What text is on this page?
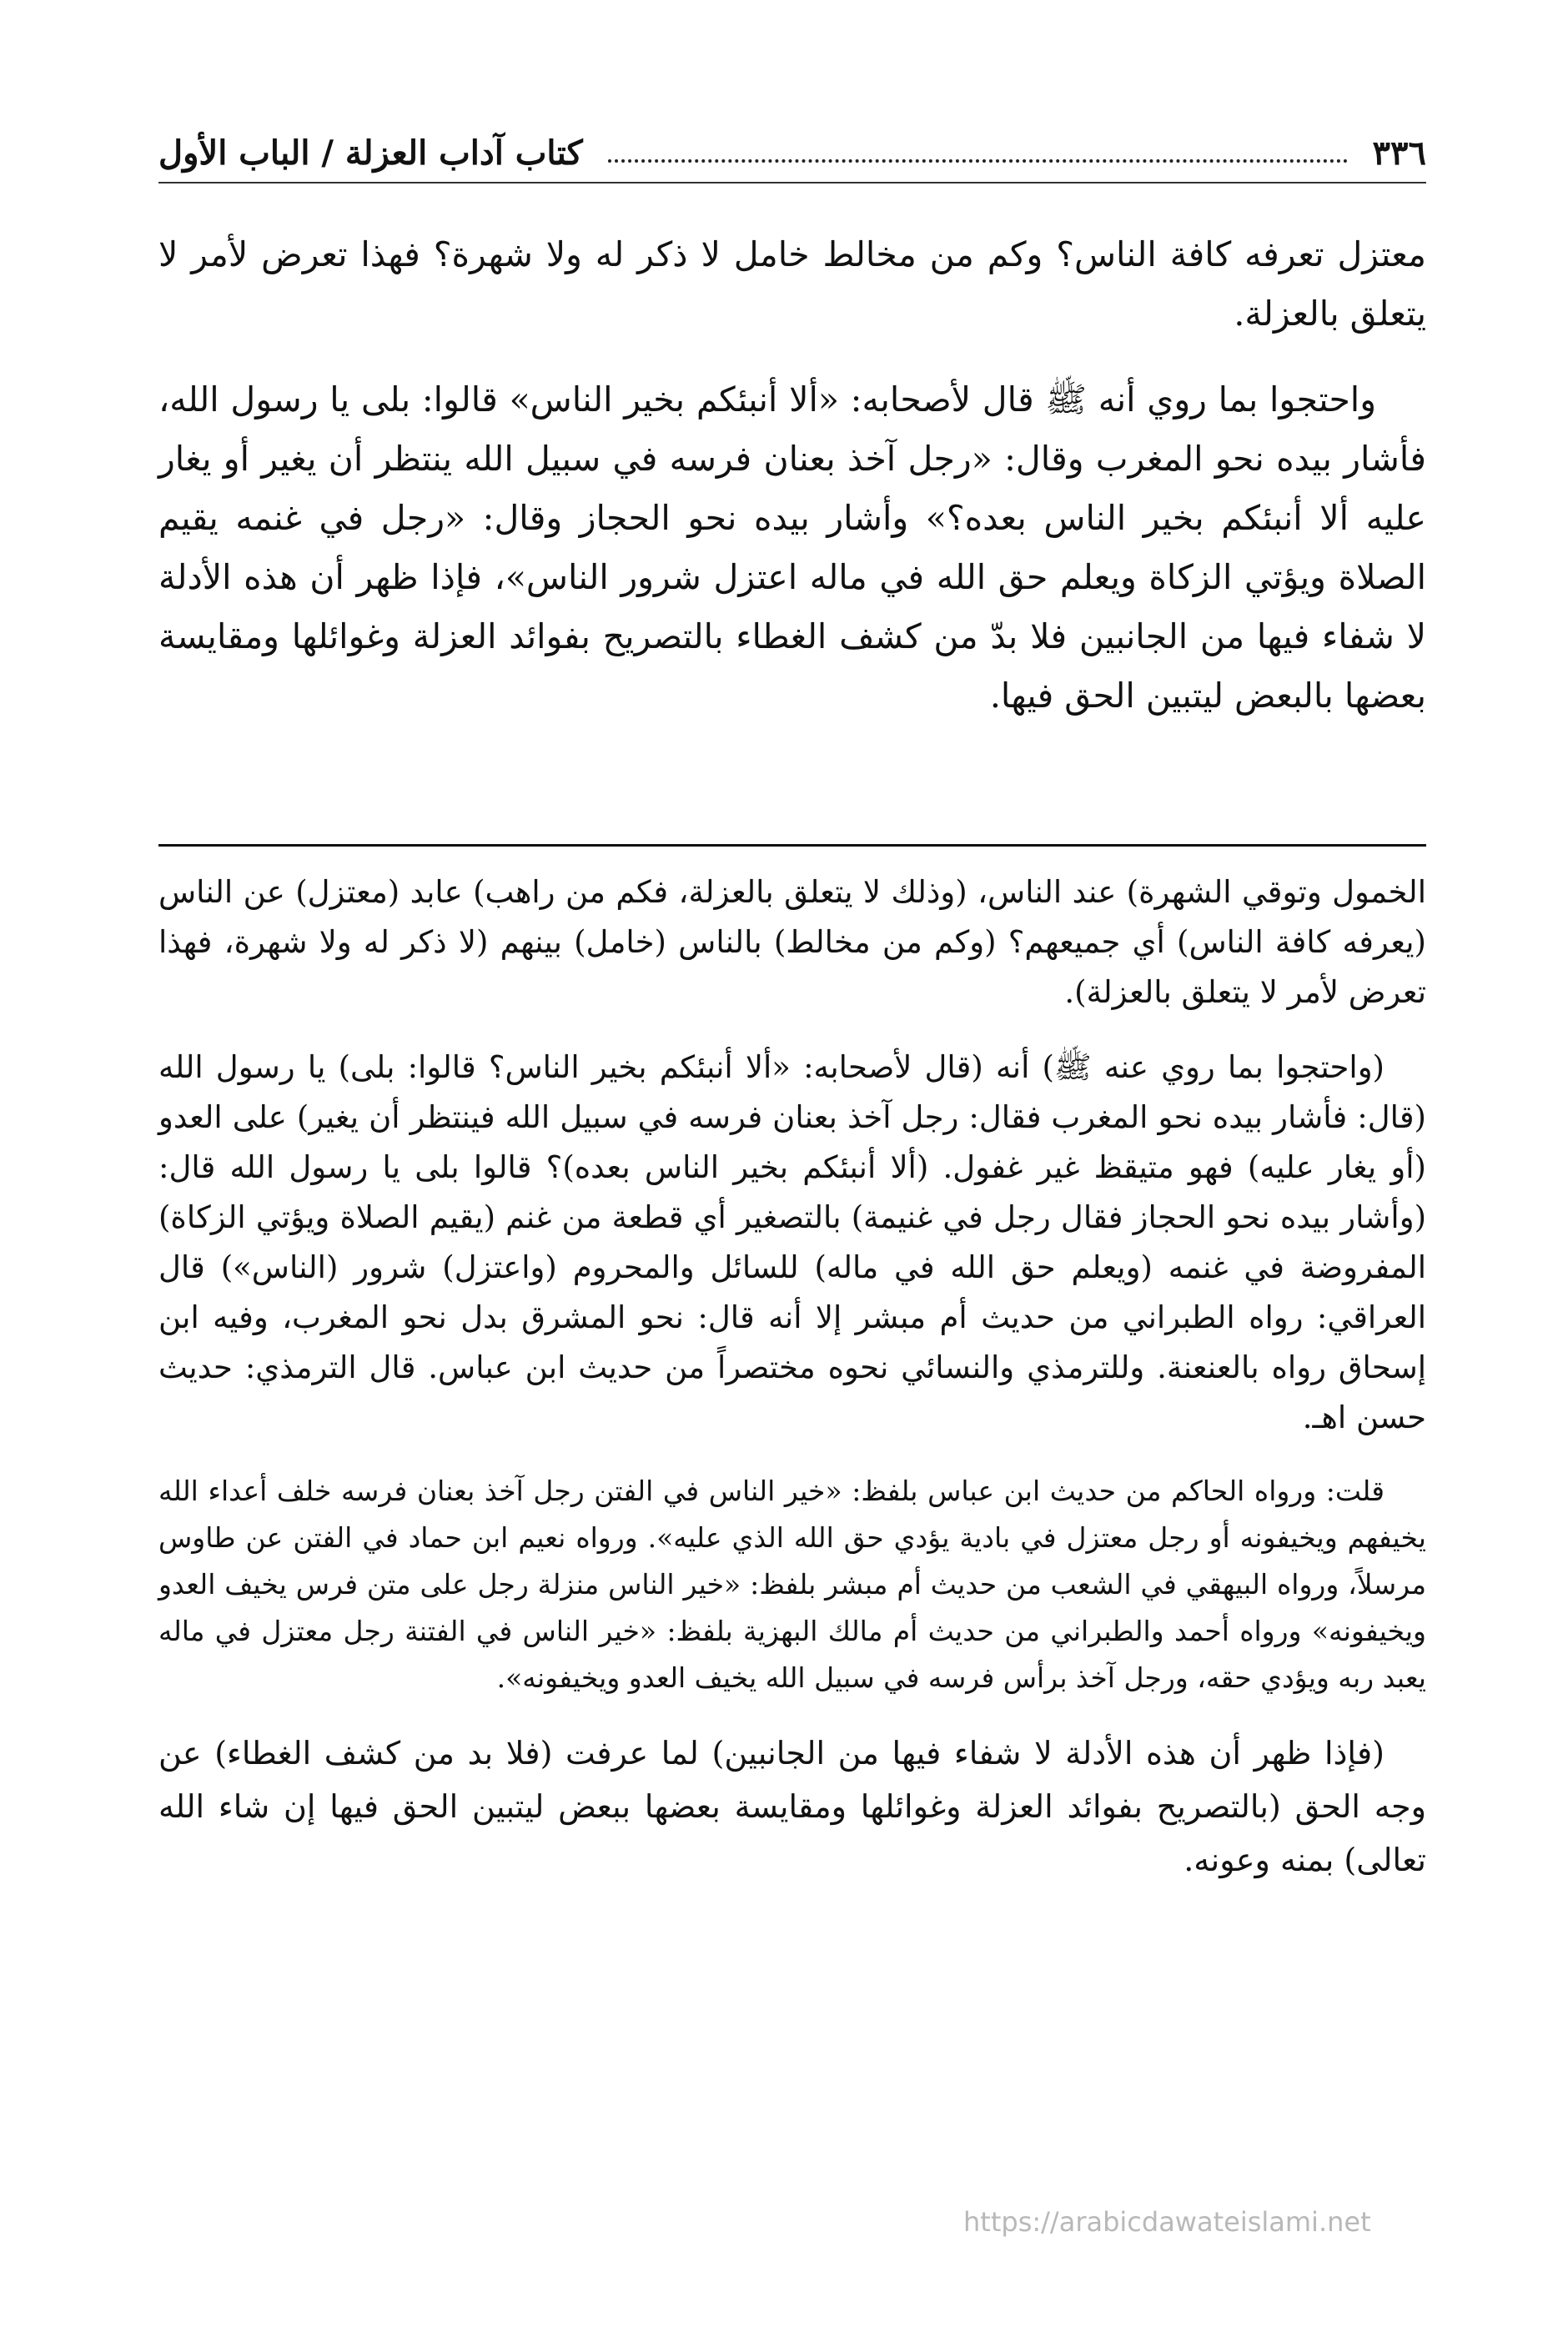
٣٣٦
كتاب آداب العزلة / الباب الأول

معتزل تعرفه كافة الناس؟ وكم من مخالط خامل لا ذكر له ولا شهرة؟ فهذا تعرض لأمر لا يتعلق بالعزلة.

واحتجوا بما روي أنه ﷺ قال لأصحابه: «ألا أنبئكم بخير الناس» قالوا: بلى يا رسول الله، فأشار بيده نحو المغرب وقال: «رجل آخذ بعنان فرسه في سبيل الله ينتظر أن يغير أو يغار عليه ألا أنبئكم بخير الناس بعده؟» وأشار بيده نحو الحجاز وقال: «رجل في غنمه يقيم الصلاة ويؤتي الزكاة ويعلم حق الله في ماله اعتزل شرور الناس»، فإذا ظهر أن هذه الأدلة لا شفاء فيها من الجانبين فلا بدّ من كشف الغطاء بالتصريح بفوائد العزلة وغوائلها ومقايسة بعضها بالبعض ليتبين الحق فيها.

الخمول وتوقي الشهرة) عند الناس، (وذلك لا يتعلق بالعزلة، فكم من راهب) عابد (معتزل) عن الناس (يعرفه كافة الناس) أي جميعهم؟ (وكم من مخالط) بالناس (خامل) بينهم (لا ذكر له ولا شهرة، فهذا تعرض لأمر لا يتعلق بالعزلة).

(واحتجوا بما روي عنه ﷺ) أنه (قال لأصحابه: «ألا أنبئكم بخير الناس؟ قالوا: بلى) يا رسول الله (قال: فأشار بيده نحو المغرب فقال: رجل آخذ بعنان فرسه في سبيل الله فينتظر أن يغير) على العدو (أو يغار عليه) فهو متيقظ غير غفول. (ألا أنبئكم بخير الناس بعده)؟ قالوا بلى يا رسول الله قال: (وأشار بيده نحو الحجاز فقال رجل في غنيمة) بالتصغير أي قطعة من غنم (يقيم الصلاة ويؤتي الزكاة) المفروضة في غنمه (ويعلم حق الله في ماله) للسائل والمحروم (واعتزل) شرور (الناس») قال العراقي: رواه الطبراني من حديث أم مبشر إلا أنه قال: نحو المشرق بدل نحو المغرب، وفيه ابن إسحاق رواه بالعنعنة. وللترمذي والنسائي نحوه مختصراً من حديث ابن عباس. قال الترمذي: حديث حسن اهـ.

قلت: ورواه الحاكم من حديث ابن عباس بلفظ: «خير الناس في الفتن رجل آخذ بعنان فرسه خلف أعداء الله يخيفهم ويخيفونه أو رجل معتزل في بادية يؤدي حق الله الذي عليه». ورواه نعيم ابن حماد في الفتن عن طاوس مرسلاً، ورواه البيهقي في الشعب من حديث أم مبشر بلفظ: «خير الناس منزلة رجل على متن فرس يخيف العدو ويخيفونه» ورواه أحمد والطبراني من حديث أم مالك البهزية بلفظ: «خير الناس في الفتنة رجل معتزل في ماله يعبد ربه ويؤدي حقه، ورجل آخذ برأس فرسه في سبيل الله يخيف العدو ويخيفونه».

(فإذا ظهر أن هذه الأدلة لا شفاء فيها من الجانبين) لما عرفت (فلا بد من كشف الغطاء) عن وجه الحق (بالتصريح بفوائد العزلة وغوائلها ومقايسة بعضها ببعض ليتبين الحق فيها إن شاء الله تعالى) بمنه وعونه.

https://arabicdawateislami.net
